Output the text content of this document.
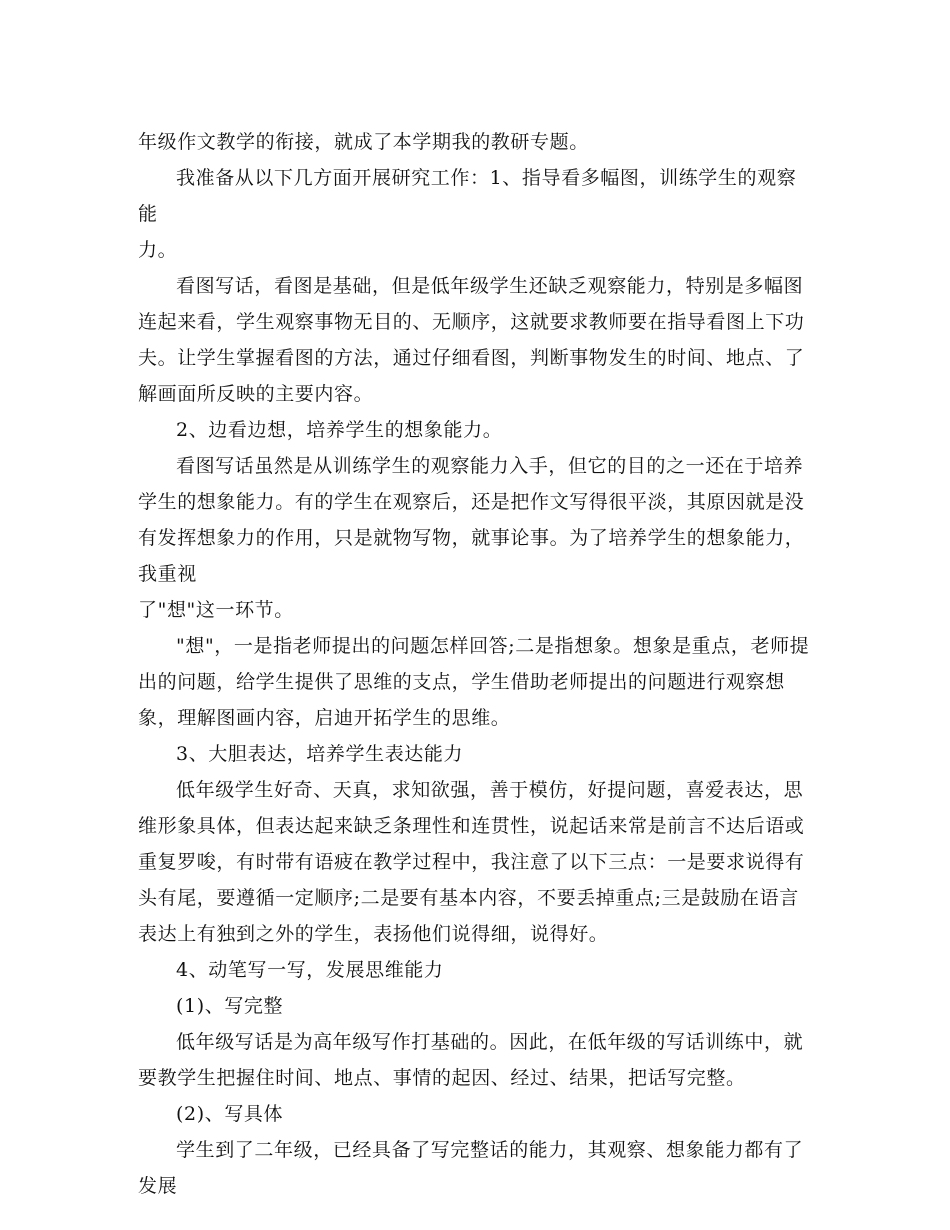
年级作文教学的衔接，就成了本学期我的教研专题。

我准备从以下几方面开展研究工作：1、指导看多幅图，训练学生的观察能
力。

看图写话，看图是基础，但是低年级学生还缺乏观察能力，特别是多幅图连起来看，学生观察事物无目的、无顺序，这就要求教师要在指导看图上下功夫。让学生掌握看图的方法，通过仔细看图，判断事物发生的时间、地点、了解画面所反映的主要内容。

2、边看边想，培养学生的想象能力。

看图写话虽然是从训练学生的观察能力入手，但它的目的之一还在于培养学生的想象能力。有的学生在观察后，还是把作文写得很平淡，其原因就是没有发挥想象力的作用，只是就物写物，就事论事。为了培养学生的想象能力，我重视
了"想"这一环节。

"想"，一是指老师提出的问题怎样回答;二是指想象。想象是重点，老师提出的问题，给学生提供了思维的支点，学生借助老师提出的问题进行观察想象，理解图画内容，启迪开拓学生的思维。

3、大胆表达，培养学生表达能力

低年级学生好奇、天真，求知欲强，善于模仿，好提问题，喜爱表达，思维形象具体，但表达起来缺乏条理性和连贯性，说起话来常是前言不达后语或重复罗唆，有时带有语疲在教学过程中，我注意了以下三点：一是要求说得有头有尾，要遵循一定顺序;二是要有基本内容，不要丢掉重点;三是鼓励在语言表达上有独到之外的学生，表扬他们说得细，说得好。

4、动笔写一写，发展思维能力

(1)、写完整

低年级写话是为高年级写作打基础的。因此，在低年级的写话训练中，就要教学生把握住时间、地点、事情的起因、经过、结果，把话写完整。

(2)、写具体

学生到了二年级，已经具备了写完整话的能力，其观察、想象能力都有了发展
